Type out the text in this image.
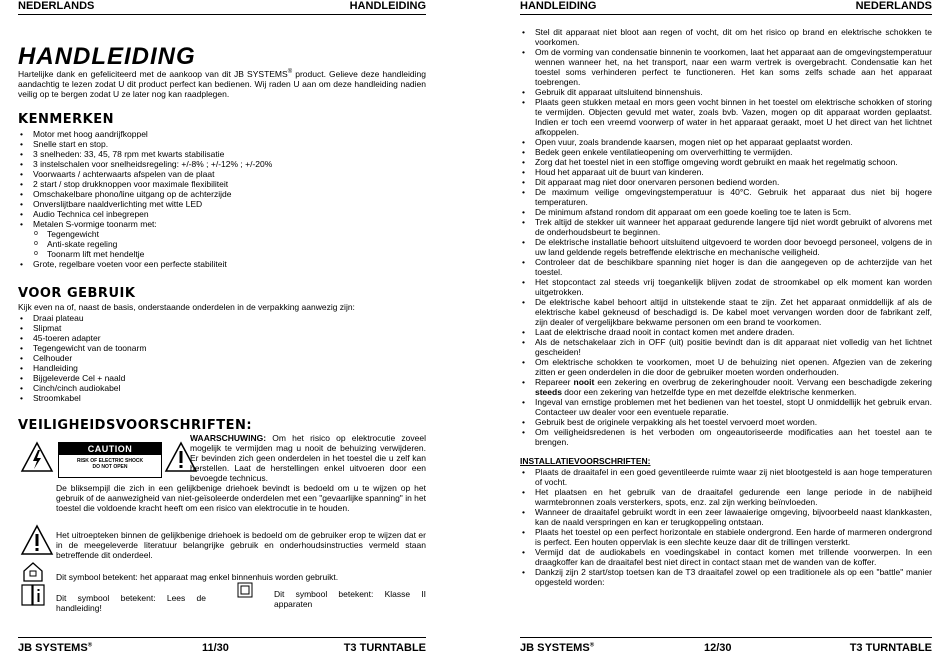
NEDERLANDS	HANDLEIDING
HANDLEIDING
Hartelijke dank en gefeliciteerd met de aankoop van dit JB SYSTEMS® product. Gelieve deze handleiding aandachtig te lezen zodat U dit product perfect kan bedienen. Wij raden U aan om deze handleiding nadien veilig op te bergen zodat U ze later nog kan raadplegen.
KENMERKEN
• Motor met hoog aandrijfkoppel
• Snelle start en stop.
• 3 snelheden: 33, 45, 78 rpm met kwarts stabilisatie
• 3 instelschalen voor snelheidsregeling: +/-8% ; +/-12% ; +/-20%
• Voorwaarts / achterwaarts afspelen van de plaat
• 2 start / stop drukknoppen voor maximale flexibiliteit
• Omschakelbare phono/line uitgang op de achterzijde
• Onverslijtbare naaldverlichting met witte LED
• Audio Technica cel inbegrepen
• Metalen S-vormige toonarm met:
o Tegengewicht
o Anti-skate regeling
o Toonarm lift met hendeltje
• Grote, regelbare voeten voor een perfecte stabiliteit
VOOR GEBRUIK
Kijk even na of, naast de basis, onderstaande onderdelen in de verpakking aanwezig zijn:
• Draai plateau
• Slipmat
• 45-toeren adapter
• Tegengewicht van de toonarm
• Celhouder
• Handleiding
• Bijgeleverde Cel + naald
• Cinch/cinch audiokabel
• Stroomkabel
VEILIGHEIDSVOORSCHRIFTEN:
CAUTION
RISK OF ELECTRIC SHOCK
DO NOT OPEN
WAARSCHUWING: Om het risico op elektrocutie zoveel mogelijk te vermijden mag u nooit de behuizing verwijderen. Er bevinden zich geen onderdelen in het toestel die u zelf kan herstellen. Laat de herstellingen enkel uitvoeren door een bevoegde technicus.
De bliksempijl die zich in een gelijkbenige driehoek bevindt is bedoeld om u te wijzen op het gebruik of de aanwezigheid van niet-geïsoleerde onderdelen met een "gevaarlijke spanning" in het toestel die voldoende kracht heeft om een risico van elektrocutie in te houden.
Het uitroepteken binnen de gelijkbenige driehoek is bedoeld om de gebruiker erop te wijzen dat er in de meegeleverde literatuur belangrijke gebruik en onderhoudsinstructies vermeld staan betreffende dit onderdeel.
Dit symbool betekent: het apparaat mag enkel binnenhuis worden gebruikt.
Dit symbool betekent: Lees de handleiding!
Dit symbool betekent: Klasse II apparaten
JB SYSTEMS®	11/30	T3 TURNTABLE
HANDLEIDING	NEDERLANDS
• Stel dit apparaat niet bloot aan regen of vocht, dit om het risico op brand en elektrische schokken te voorkomen.
• Om de vorming van condensatie binnenin te voorkomen, laat het apparaat aan de omgevingstemperatuur wennen wanneer het, na het transport, naar een warm vertrek is overgebracht. Condensatie kan het toestel soms verhinderen perfect te functioneren. Het kan soms zelfs schade aan het apparaat toebrengen.
• Gebruik dit apparaat uitsluitend binnenshuis.
• Plaats geen stukken metaal en mors geen vocht binnen in het toestel om elektrische schokken of storing te vermijden. Objecten gevuld met water, zoals bvb. Vazen, mogen op dit apparaat worden geplaatst. Indien er toch een vreemd voorwerp of water in het apparaat geraakt, moet U het direct van het lichtnet afkoppelen.
• Open vuur, zoals brandende kaarsen, mogen niet op het apparaat geplaatst worden.
• Bedek geen enkele ventilatieopening om oververhitting te vermijden.
• Zorg dat het toestel niet in een stoffige omgeving wordt gebruikt en maak het regelmatig schoon.
• Houd het apparaat uit de buurt van kinderen.
• Dit apparaat mag niet door onervaren personen bediend worden.
• De maximum veilige omgevingstemperatuur is 40°C. Gebruik het apparaat dus niet bij hogere temperaturen.
• De minimum afstand rondom dit apparaat om een goede koeling toe te laten is 5cm.
• Trek altijd de stekker uit wanneer het apparaat gedurende langere tijd niet wordt gebruikt of alvorens met de onderhoudsbeurt te beginnen.
• De elektrische installatie behoort uitsluitend uitgevoerd te worden door bevoegd personeel, volgens de in uw land geldende regels betreffende elektrische en mechanische veiligheid.
• Controleer dat de beschikbare spanning niet hoger is dan die aangegeven op de achterzijde van het toestel.
• Het stopcontact zal steeds vrij toegankelijk blijven zodat de stroomkabel op elk moment kan worden uitgetrokken.
• De elektrische kabel behoort altijd in uitstekende staat te zijn. Zet het apparaat onmiddellijk af als de elektrische kabel gekneusd of beschadigd is. De kabel moet vervangen worden door de fabrikant zelf, zijn dealer of vergelijkbare bekwame personen om een brand te voorkomen.
• Laat de elektrische draad nooit in contact komen met andere draden.
• Als de netschakelaar zich in OFF (uit) positie bevindt dan is dit apparaat niet volledig van het lichtnet gescheiden!
• Om elektrische schokken te voorkomen, moet U de behuizing niet openen. Afgezien van de zekering zitten er geen onderdelen in die door de gebruiker moeten worden onderhouden.
• Repareer nooit een zekering en overbrug de zekeringhouder nooit. Vervang een beschadigde zekering steeds door een zekering van hetzelfde type en met dezelfde elektrische kenmerken.
• Ingeval van ernstige problemen met het bedienen van het toestel, stopt U onmiddellijk het gebruik ervan. Contacteer uw dealer voor een eventuele reparatie.
• Gebruik best de originele verpakking als het toestel vervoerd moet worden.
• Om veiligheidsredenen is het verboden om ongeautoriseerde modificaties aan het toestel aan te brengen.
INSTALLATIEVOORSCHRIFTEN:
• Plaats de draaitafel in een goed geventileerde ruimte waar zij niet blootgesteld is aan hoge temperaturen of vocht.
• Het plaatsen en het gebruik van de draaitafel gedurende een lange periode in de nabijheid warmtebronnen zoals versterkers, spots, enz. zal zijn werking beïnvloeden.
• Wanneer de draaitafel gebruikt wordt in een zeer lawaaierige omgeving, bijvoorbeeld naast klankkasten, kan de naald verspringen en kan er terugkoppeling ontstaan.
• Plaats het toestel op een perfect horizontale en stabiele ondergrond. Een harde of marmeren ondergrond is perfect. Een houten oppervlak is een slechte keuze daar dit de trillingen versterkt.
• Vermijd dat de audiokabels en voedingskabel in contact komen met trillende voorwerpen. In een draagkoffer kan de draaitafel best niet direct in contact staan met de wanden van de koffer.
• Dankzij zijn 2 start/stop toetsen kan de T3 draaitafel zowel op een traditionele als op een "battle" manier opgesteld worden:
JB SYSTEMS®	12/30	T3 TURNTABLE
